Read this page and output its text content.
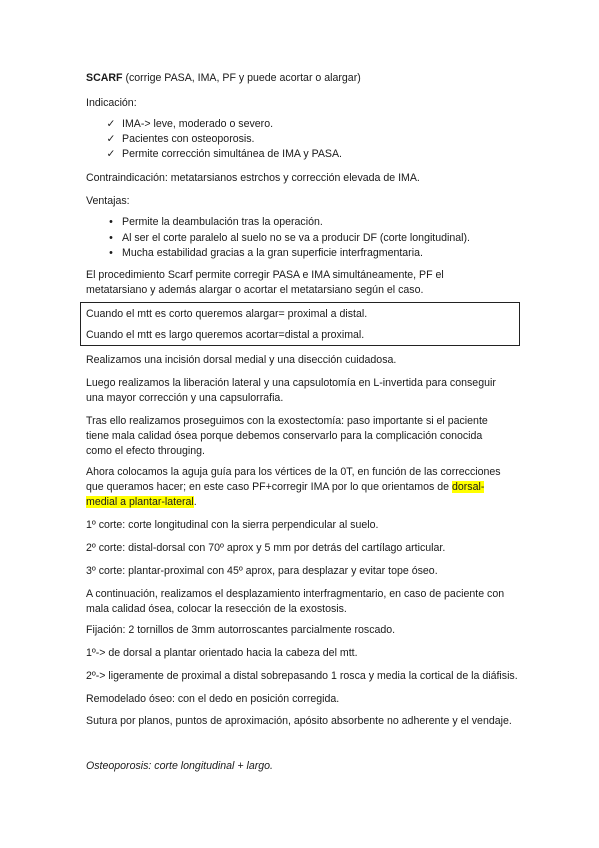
SCARF (corrige PASA, IMA, PF y puede acortar o alargar)

Indicación:

✓ IMA-> leve, moderado o severo.
✓ Pacientes con osteoporosis.
✓ Permite corrección simultánea de IMA y PASA.

Contraindicación: metatarsianos estrchos y corrección elevada de IMA.

Ventajas:

• Permite la deambulación tras la operación.
• Al ser el corte paralelo al suelo no se va a producir DF (corte longitudinal).
• Mucha estabilidad gracias a la gran superficie interfragmentaria.

El procedimiento Scarf permite corregir PASA e IMA simultáneamente, PF el metatarsiano y además alargar o acortar el metatarsiano según el caso.

Cuando el mtt es corto queremos alargar= proximal a distal.

Cuando el mtt es largo queremos acortar=distal a proximal.

Realizamos una incisión dorsal medial y una disección cuidadosa.

Luego realizamos la liberación lateral y una capsulotomía en L-invertida para conseguir una mayor corrección y una capsulorrafia.

Tras ello realizamos proseguimos con la exostectomía: paso importante si el paciente tiene mala calidad ósea porque debemos conservarlo para la complicación conocida como el efecto througing.

Ahora colocamos la aguja guía para los vértices de la 0T, en función de las correcciones que queramos hacer; en este caso PF+corregir IMA por lo que orientamos de dorsal-medial a plantar-lateral.

1º corte: corte longitudinal con la sierra perpendicular al suelo.

2º corte: distal-dorsal con 70º aprox y 5 mm por detrás del cartílago articular.

3º corte: plantar-proximal con 45º aprox, para desplazar y evitar tope óseo.

A continuación, realizamos el desplazamiento interfragmentario, en caso de paciente con mala calidad ósea, colocar la resección de la exostosis.

Fijación: 2 tornillos de 3mm autorroscantes parcialmente roscado.

1º-> de dorsal a plantar orientado hacia la cabeza del mtt.

2º-> ligeramente de proximal a distal sobrepasando 1 rosca y media la cortical de la diáfisis.

Remodelado óseo: con el dedo en posición corregida.

Sutura por planos, puntos de aproximación, apósito absorbente no adherente y el vendaje.

Osteoporosis: corte longitudinal + largo.
